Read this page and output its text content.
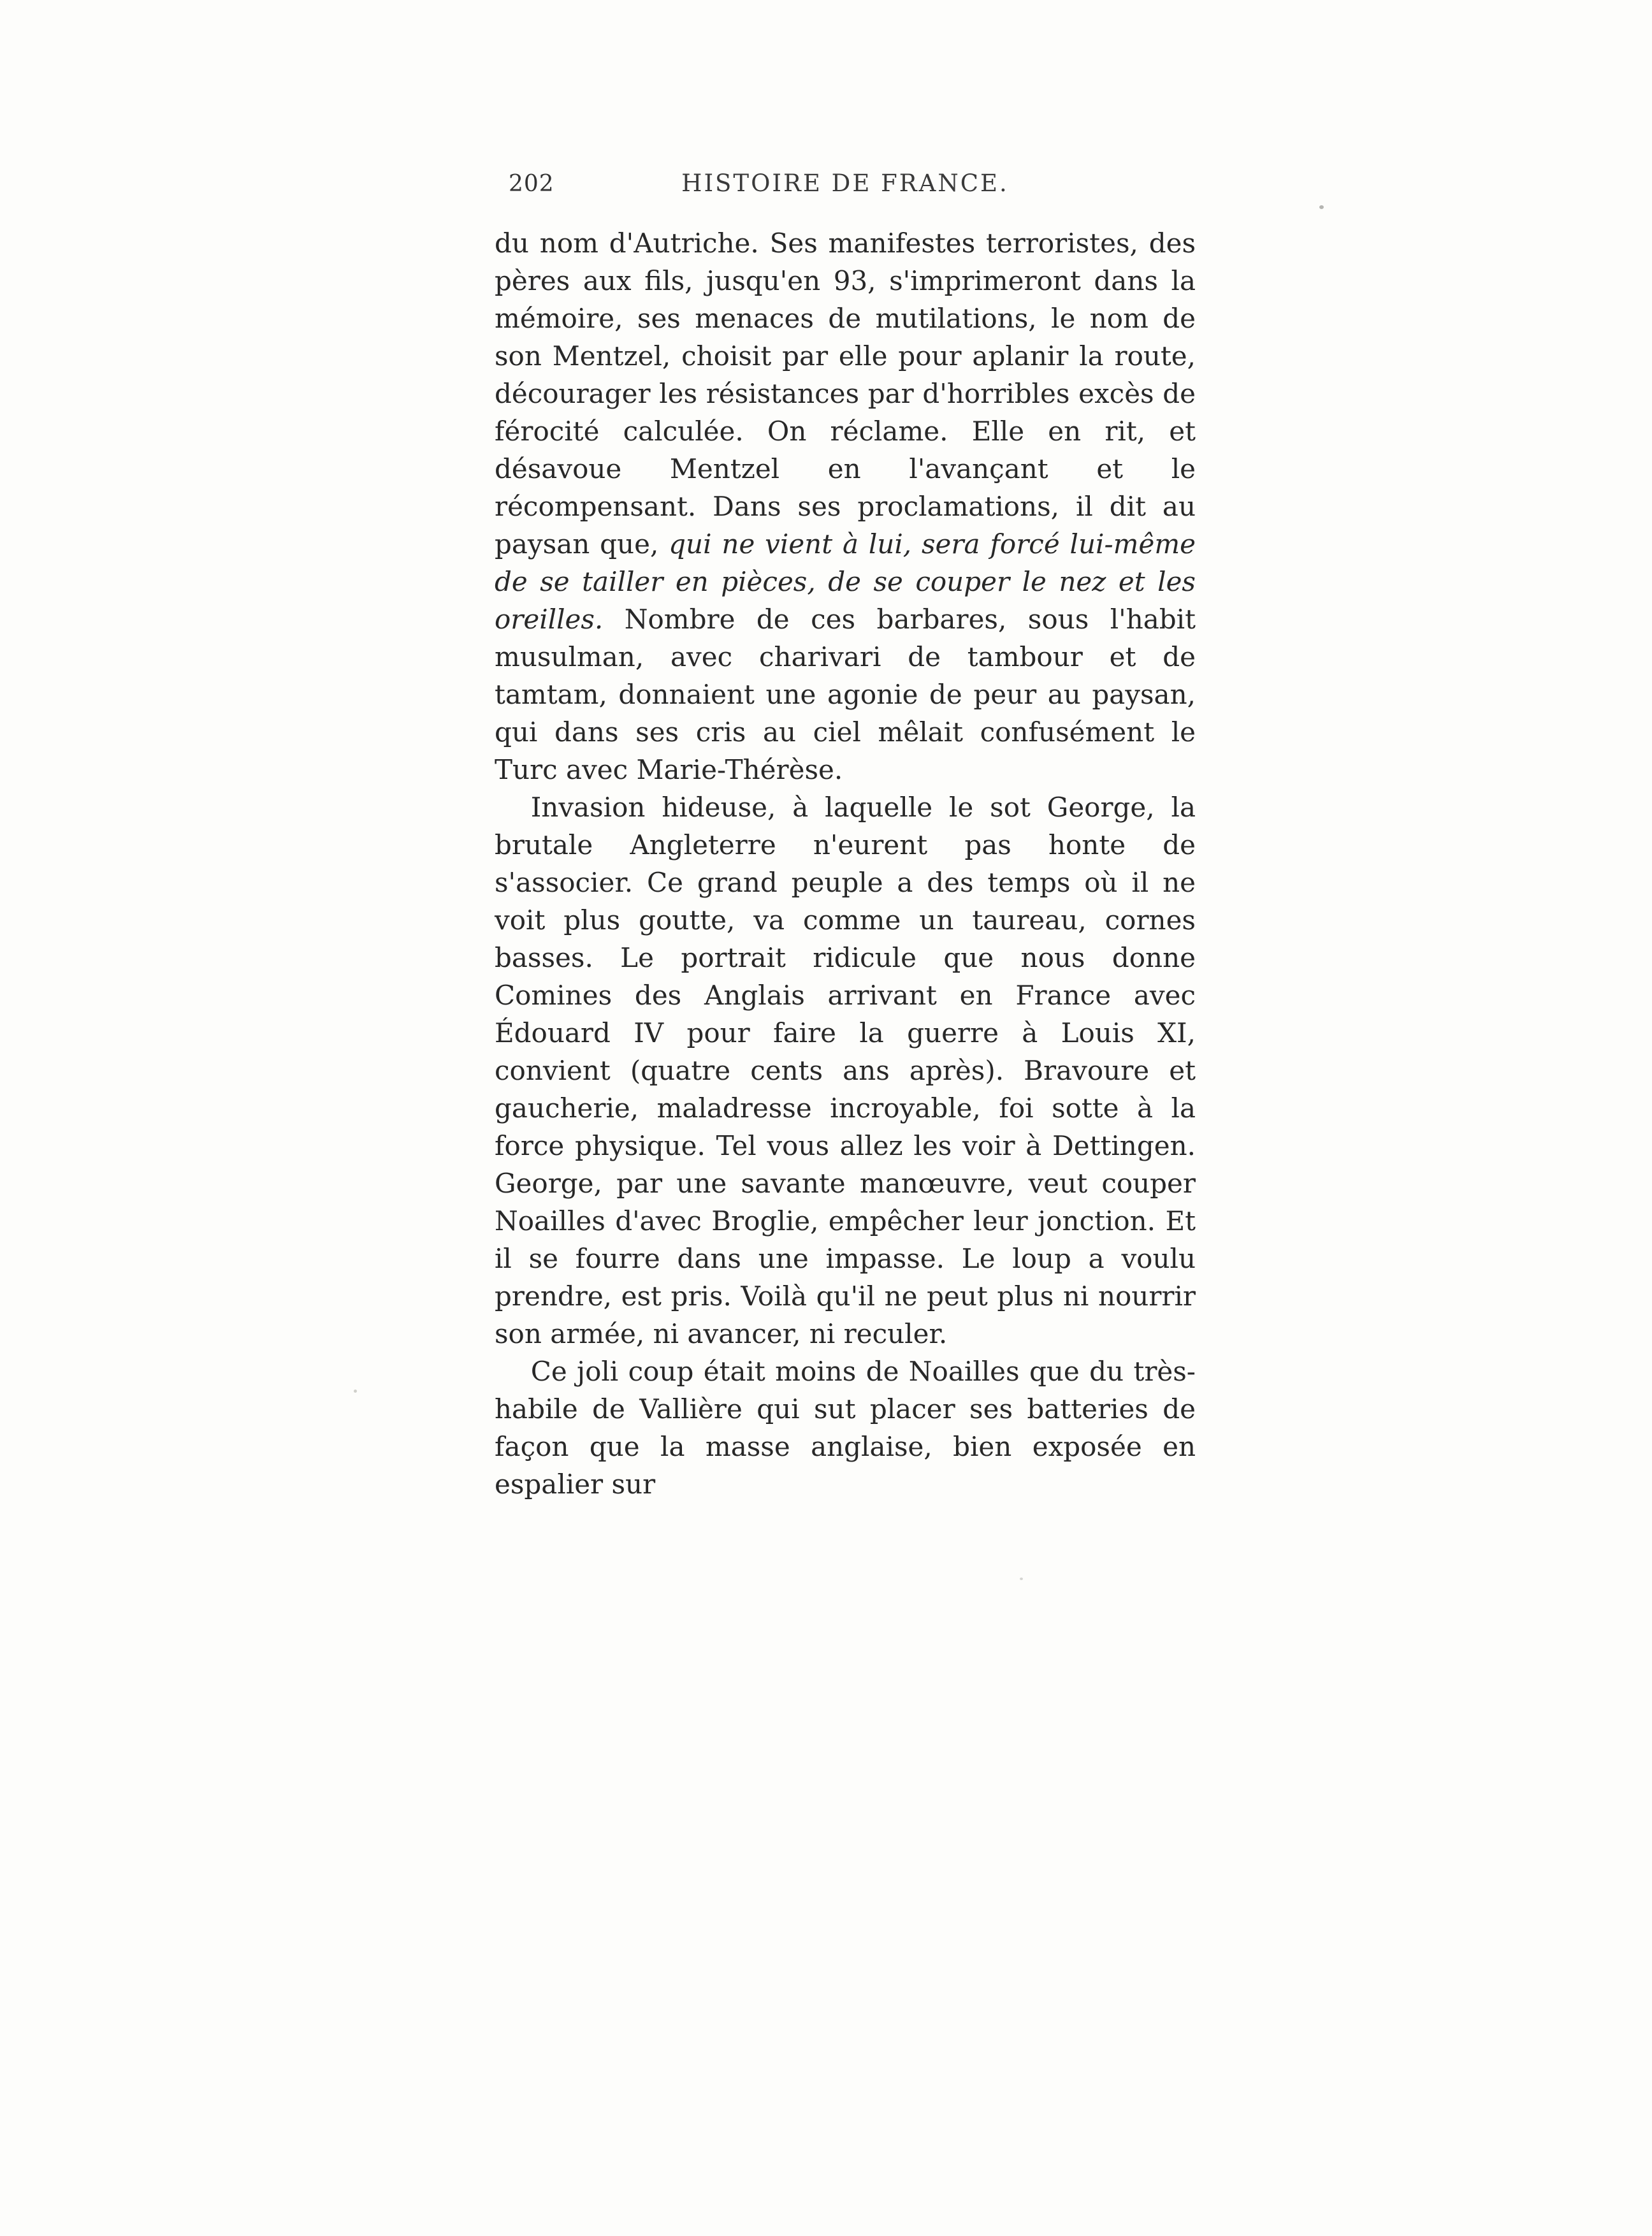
202	HISTOIRE DE FRANCE.

du nom d'Autriche. Ses manifestes terroristes, des pères aux fils, jusqu'en 93, s'imprimeront dans la mémoire, ses menaces de mutilations, le nom de son Mentzel, choisit par elle pour aplanir la route, décourager les résistances par d'horribles excès de férocité calculée. On réclame. Elle en rit, et désavoue Mentzel en l'avançant et le récompensant. Dans ses proclamations, il dit au paysan que, qui ne vient à lui, sera forcé lui-même de se tailler en pièces, de se couper le nez et les oreilles. Nombre de ces barbares, sous l'habit musulman, avec charivari de tambour et de tamtam, donnaient une agonie de peur au paysan, qui dans ses cris au ciel mêlait confusément le Turc avec Marie-Thérèse.

Invasion hideuse, à laquelle le sot George, la brutale Angleterre n'eurent pas honte de s'associer. Ce grand peuple a des temps où il ne voit plus goutte, va comme un taureau, cornes basses. Le portrait ridicule que nous donne Comines des Anglais arrivant en France avec Édouard IV pour faire la guerre à Louis XI, convient (quatre cents ans après). Bravoure et gaucherie, maladresse incroyable, foi sotte à la force physique. Tel vous allez les voir à Dettingen. George, par une savante manœuvre, veut couper Noailles d'avec Broglie, empêcher leur jonction. Et il se fourre dans une impasse. Le loup a voulu prendre, est pris. Voilà qu'il ne peut plus ni nourrir son armée, ni avancer, ni reculer.

Ce joli coup était moins de Noailles que du très-habile de Vallière qui sut placer ses batteries de façon que la masse anglaise, bien exposée en espalier sur
